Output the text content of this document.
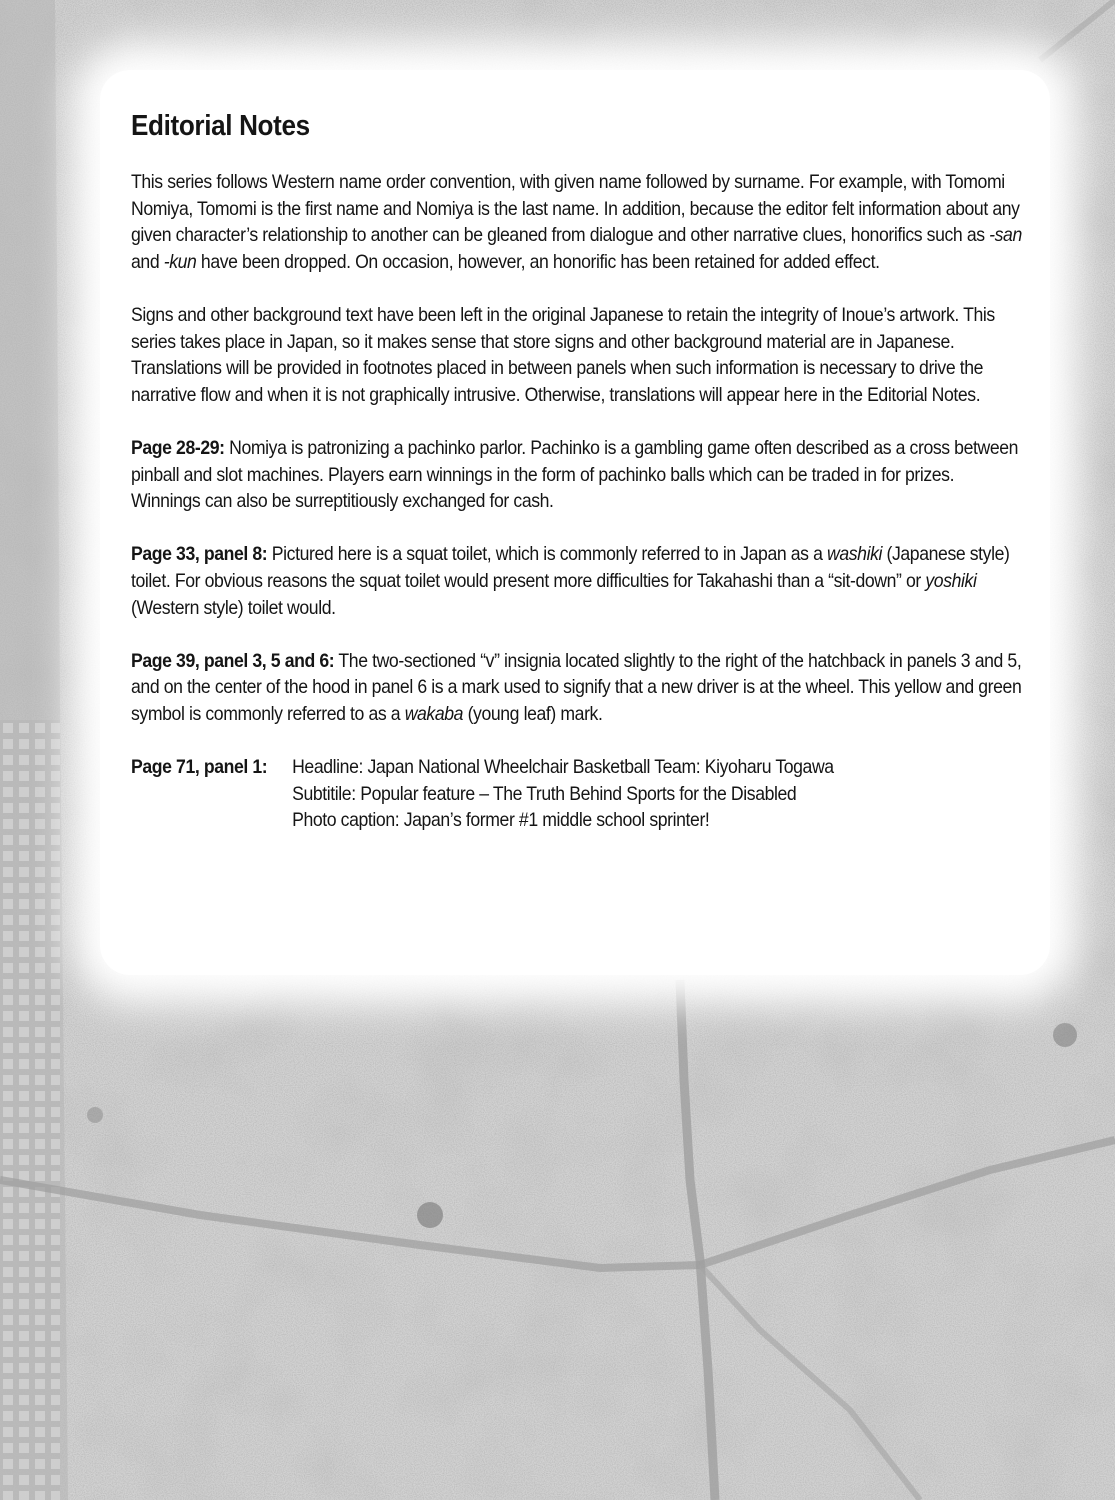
Editorial Notes

This series follows Western name order convention, with given name followed by surname. For example, with Tomomi Nomiya, Tomomi is the first name and Nomiya is the last name. In addition, because the editor felt information about any given character’s relationship to another can be gleaned from dialogue and other narrative clues, honorifics such as -san and -kun have been dropped. On occasion, however, an honorific has been retained for added effect.

Signs and other background text have been left in the original Japanese to retain the integrity of Inoue’s artwork. This series takes place in Japan, so it makes sense that store signs and other background material are in Japanese. Translations will be provided in footnotes placed in between panels when such information is necessary to drive the narrative flow and when it is not graphically intrusive. Otherwise, translations will appear here in the Editorial Notes.

Page 28-29: Nomiya is patronizing a pachinko parlor. Pachinko is a gambling game often described as a cross between pinball and slot machines. Players earn winnings in the form of pachinko balls which can be traded in for prizes. Winnings can also be surreptitiously exchanged for cash.

Page 33, panel 8: Pictured here is a squat toilet, which is commonly referred to in Japan as a washiki (Japanese style) toilet. For obvious reasons the squat toilet would present more difficulties for Takahashi than a “sit-down” or yoshiki (Western style) toilet would.

Page 39, panel 3, 5 and 6: The two-sectioned “v” insignia located slightly to the right of the hatchback in panels 3 and 5, and on the center of the hood in panel 6 is a mark used to signify that a new driver is at the wheel. This yellow and green symbol is commonly referred to as a wakaba (young leaf) mark.

Page 71, panel 1:	Headline: Japan National Wheelchair Basketball Team: Kiyoharu Togawa
Subtitile: Popular feature – The Truth Behind Sports for the Disabled
Photo caption: Japan’s former #1 middle school sprinter!
